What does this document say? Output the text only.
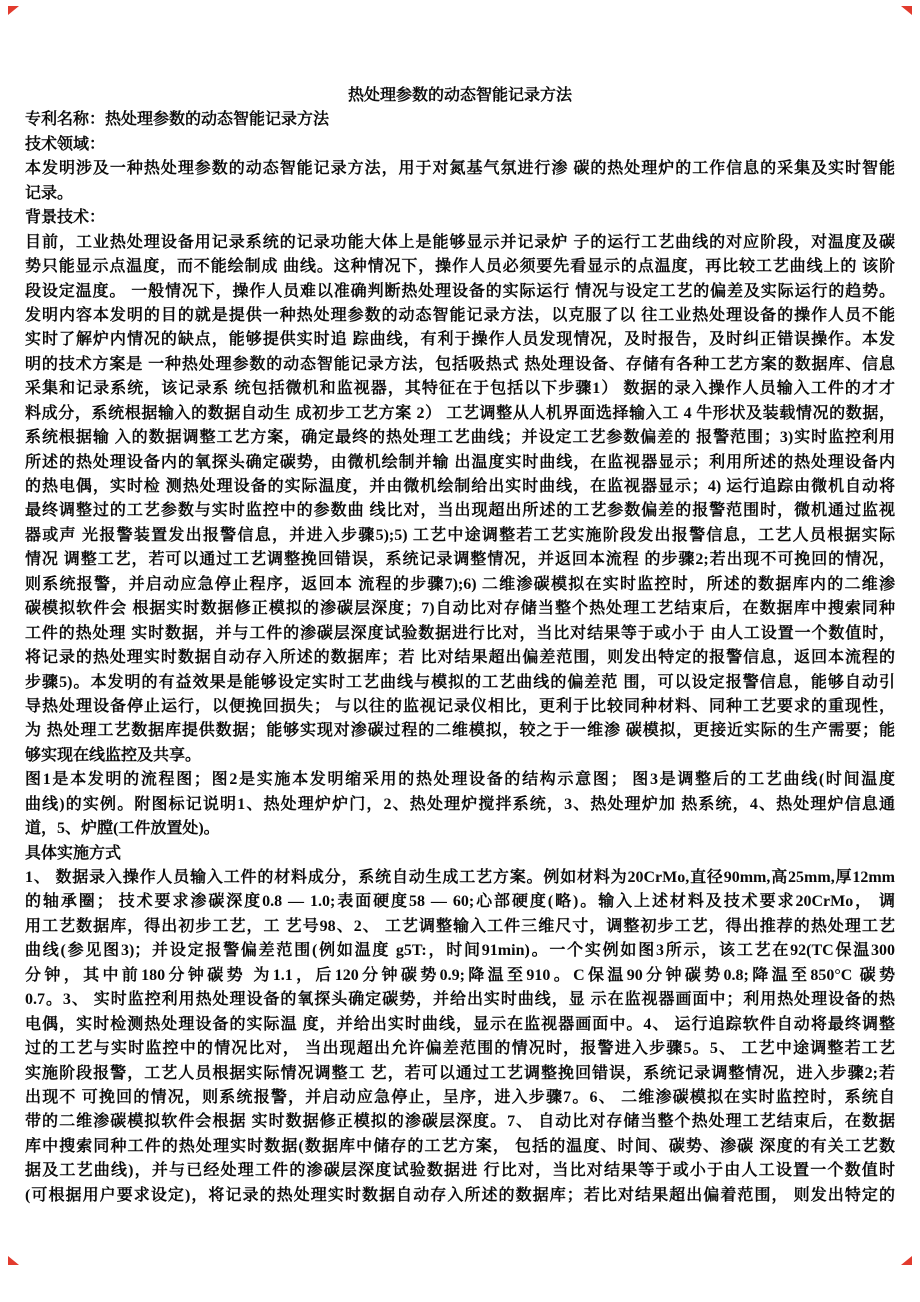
热处理参数的动态智能记录方法
专利名称：热处理参数的动态智能记录方法
技术领域：
本发明涉及一种热处理参数的动态智能记录方法，用于对氮基气氛进行渗 碳的热处理炉的工作信息的采集及实时智能
记录。
背景技术：
目前，工业热处理设备用记录系统的记录功能大体上是能够显示并记录炉 子的运行工艺曲线的对应阶段，对温度及碳
势只能显示点温度，而不能绘制成 曲线。这种情况下，操作人员必须要先看显示的点温度，再比较工艺曲线上的 该阶
段设定温度。 一般情况下，操作人员难以准确判断热处理设备的实际运行 情况与设定工艺的偏差及实际运行的趋势。
发明内容本发明的目的就是提供一种热处理参数的动态智能记录方法，以克服了以 往工业热处理设备的操作人员不能
实时了解炉内情况的缺点，能够提供实时追 踪曲线，有利于操作人员发现情况，及时报告，及时纠正错误操作。本发
明的技术方案是 一种热处理参数的动态智能记录方法，包括吸热式 热处理设备、存储有各种工艺方案的数据库、信息
采集和记录系统，该记录系 统包括微机和监视器，其特征在于包括以下步骤1） 数据的录入操作人员输入工件的才才
料成分，系统根据输入的数据自动生 成初步工艺方案 2） 工艺调整从人机界面选择输入工 4 牛形状及装载情况的数据，
系统根据输 入的数据调整工艺方案，确定最终的热处理工艺曲线；并设定工艺参数偏差的 报警范围；3)实时监控利用
所述的热处理设备内的氧探头确定碳势，由微机绘制并输 出温度实时曲线，在监视器显示；利用所述的热处理设备内
的热电偶，实时检 测热处理设备的实际温度，并由微机绘制给出实时曲线，在监视器显示；4) 运行追踪由微机自动将
最终调整过的工艺参数与实时监控中的参数曲 线比对，当出现超出所述的工艺参数偏差的报警范围时，微机通过监视
器或声 光报警装置发出报警信息，并进入步骤5);5) 工艺中途调整若工艺实施阶段发出报警信息，工艺人员根据实际
情况 调整工艺，若可以通过工艺调整挽回错误，系统记录调整情况，并返回本流程 的步骤2;若出现不可挽回的情况，
则系统报警，并启动应急停止程序，返回本 流程的步骤7);6) 二维渗碳模拟在实时监控时，所述的数据库内的二维渗
碳模拟软件会 根据实时数据修正模拟的渗碳层深度；7)自动比对存储当整个热处理工艺结束后，在数据库中搜索同种
工件的热处理 实时数据，并与工件的渗碳层深度试验数据进行比对，当比对结果等于或小于 由人工设置一个数值时，
将记录的热处理实时数据自动存入所述的数据库；若 比对结果超出偏差范围，则发出特定的报警信息，返回本流程的
步骤5)。本发明的有益效果是能够设定实时工艺曲线与模拟的工艺曲线的偏差范 围，可以设定报警信息，能够自动引
导热处理设备停止运行，以便挽回损失； 与以往的监视记录仪相比，更利于比较同种材料、同种工艺要求的重现性，
为 热处理工艺数据库提供数据；能够实现对渗碳过程的二维模拟，较之于一维渗 碳模拟，更接近实际的生产需要；能
够实现在线监控及共享。
图1是本发明的流程图；图2是实施本发明缩采用的热处理设备的结构示意图； 图3是调整后的工艺曲线(时间温度
曲线)的实例。附图标记说明1、热处理炉炉门，2、热处理炉搅拌系统，3、热处理炉加 热系统，4、热处理炉信息通
道，5、炉膛(工件放置处)。
具体实施方式
1、 数据录入操作人员输入工件的材料成分，系统自动生成工艺方案。例如材料为20CrMo,直径90mm,高25mm,厚12mm
的轴承圈； 技术要求渗碳深度0.8 — 1.0;表面硬度58 — 60;心部硬度(略)。输入上述材料及技术要求20CrMo， 调
用工艺数据库，得出初步工艺，工 艺号98、2、 工艺调整输入工件三维尺寸，调整初步工艺，得出推荐的热处理工艺
曲线(参见图3)；并设定报警偏差范围(例如温度 g5T:，时间91min)。一个实例如图3所示，该工艺在92(TC保温300
分钟，其中前180分钟碳势 为1.1，后120分钟碳势0.9;降温至910。C保温90分钟碳势0.8;降温至850°C 碳势
0.7。3、 实时监控利用热处理设备的氧探头确定碳势，并给出实时曲线，显 示在监视器画面中；利用热处理设备的热
电偶，实时检测热处理设备的实际温 度，并给出实时曲线，显示在监视器画面中。4、 运行追踪软件自动将最终调整
过的工艺与实时监控中的情况比对， 当出现超出允许偏差范围的情况时，报警进入步骤5。5、 工艺中途调整若工艺
实施阶段报警，工艺人员根据实际情况调整工 艺，若可以通过工艺调整挽回错误，系统记录调整情况，进入步骤2;若
出现不 可挽回的情况，则系统报警，并启动应急停止，呈序，进入步骤7。6、 二维渗碳模拟在实时监控时，系统自
带的二维渗碳模拟软件会根据 实时数据修正模拟的渗碳层深度。7、 自动比对存储当整个热处理工艺结束后，在数据
库中搜索同种工件的热处理实时数据(数据库中储存的工艺方案， 包括的温度、时间、碳势、渗碳 深度的有关工艺数
据及工艺曲线)，并与已经处理工件的渗碳层深度试验数据进 行比对，当比对结果等于或小于由人工设置一个数值时
(可根据用户要求设定)，将记录的热处理实时数据自动存入所述的数据库；若比对结果超出偏着范围， 则发出特定的
